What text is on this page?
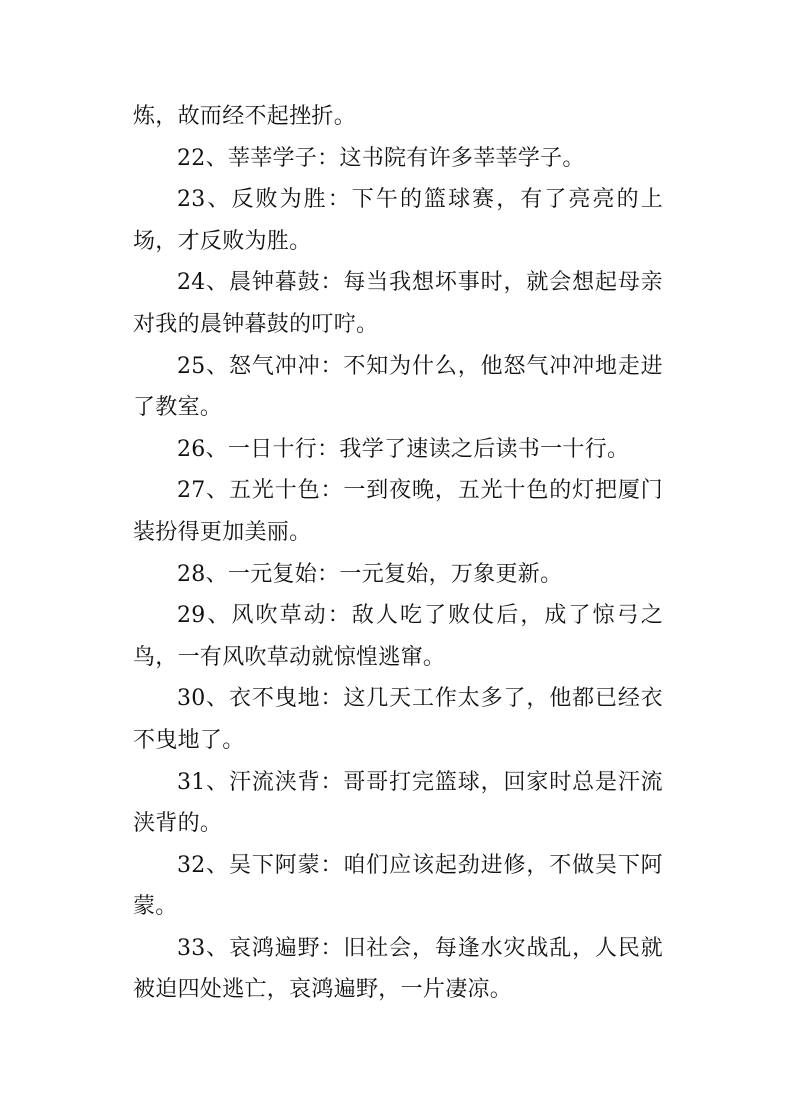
炼，故而经不起挫折。

22、莘莘学子：这书院有许多莘莘学子。

23、反败为胜：下午的篮球赛，有了亮亮的上场，才反败为胜。

24、晨钟暮鼓：每当我想坏事时，就会想起母亲对我的晨钟暮鼓的叮咛。

25、怒气冲冲：不知为什么，他怒气冲冲地走进了教室。

26、一日十行：我学了速读之后读书一十行。

27、五光十色：一到夜晚，五光十色的灯把厦门装扮得更加美丽。

28、一元复始：一元复始，万象更新。

29、风吹草动：敌人吃了败仗后，成了惊弓之鸟，一有风吹草动就惊惶逃窜。

30、衣不曳地：这几天工作太多了，他都已经衣不曳地了。

31、汗流浃背：哥哥打完篮球，回家时总是汗流浃背的。

32、吴下阿蒙：咱们应该起劲进修，不做吴下阿蒙。

33、哀鸿遍野：旧社会，每逢水灾战乱，人民就被迫四处逃亡，哀鸿遍野，一片凄凉。
